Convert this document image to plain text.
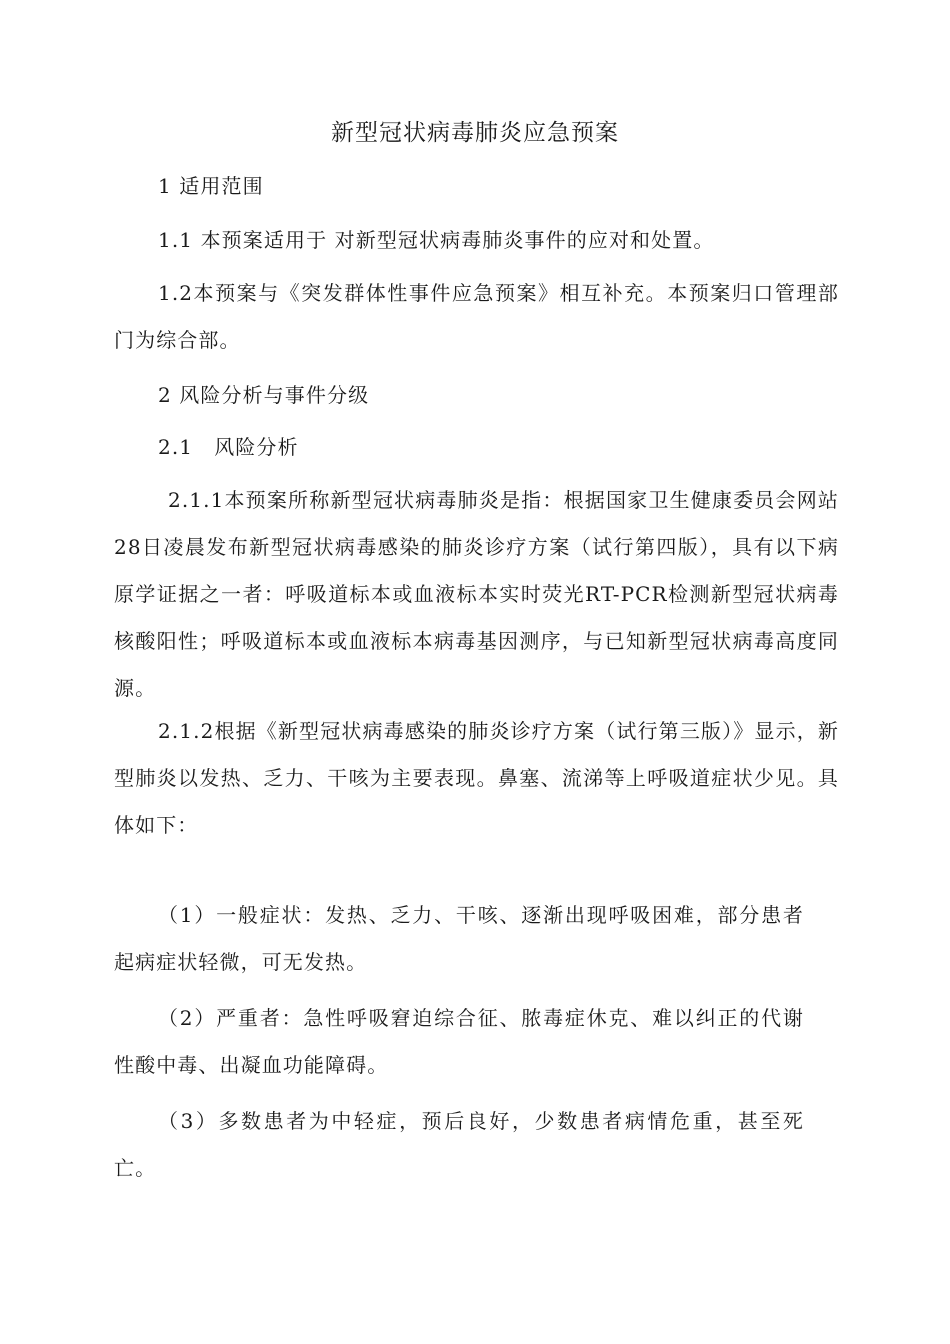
新型冠状病毒肺炎应急预案

1 适用范围

1.1 本预案适用于 对新型冠状病毒肺炎事件的应对和处置。

1.2本预案与《突发群体性事件应急预案》相互补充。本预案归口管理部门为综合部。

2 风险分析与事件分级

2.1　风险分析

2.1.1本预案所称新型冠状病毒肺炎是指：根据国家卫生健康委员会网站28日凌晨发布新型冠状病毒感染的肺炎诊疗方案（试行第四版），具有以下病原学证据之一者：呼吸道标本或血液标本实时荧光RT-PCR检测新型冠状病毒核酸阳性；呼吸道标本或血液标本病毒基因测序，与已知新型冠状病毒高度同源。

2.1.2根据《新型冠状病毒感染的肺炎诊疗方案（试行第三版）》显示，新型肺炎以发热、乏力、干咳为主要表现。鼻塞、流涕等上呼吸道症状少见。具体如下：

（1）一般症状：发热、乏力、干咳、逐渐出现呼吸困难，部分患者起病症状轻微，可无发热。

（2）严重者：急性呼吸窘迫综合征、脓毒症休克、难以纠正的代谢性酸中毒、出凝血功能障碍。

（3）多数患者为中轻症，预后良好，少数患者病情危重，甚至死亡。
